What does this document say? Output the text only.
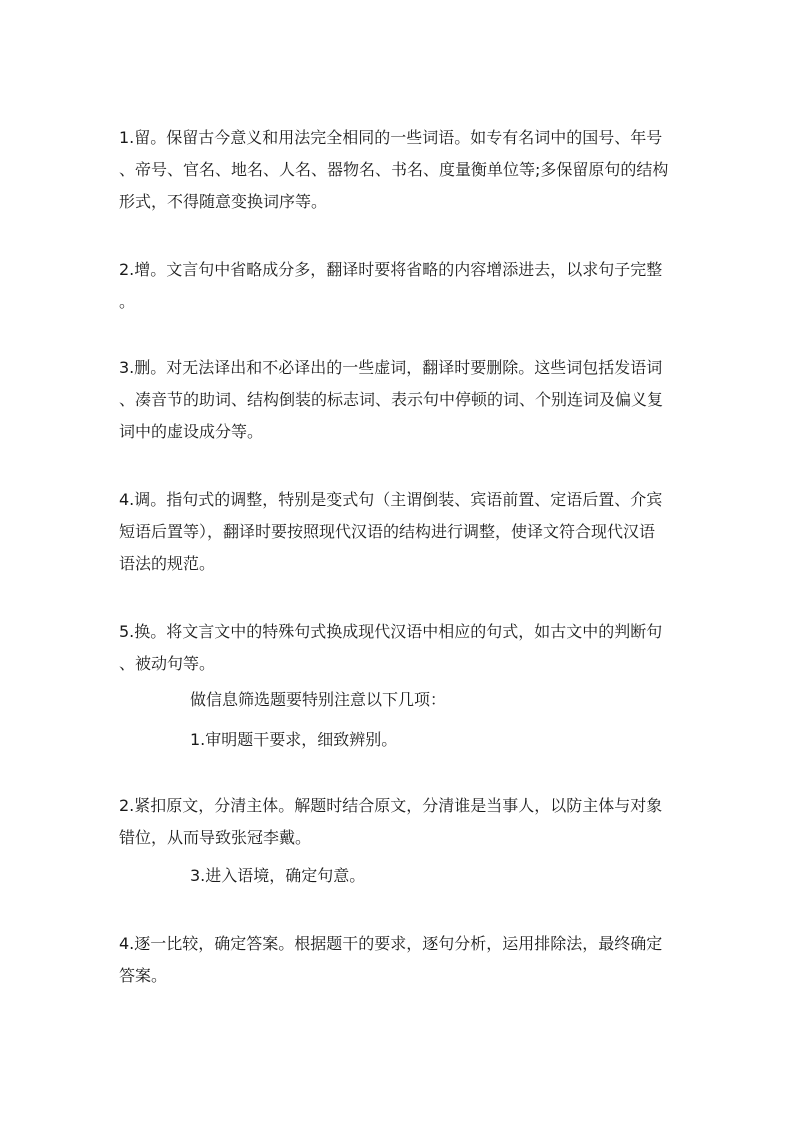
1.留。保留古今意义和用法完全相同的一些词语。如专有名词中的国号、年号
、帝号、官名、地名、人名、器物名、书名、度量衡单位等;多保留原句的结构
形式，不得随意变换词序等。

2.增。文言句中省略成分多，翻译时要将省略的内容增添进去，以求句子完整
。

3.删。对无法译出和不必译出的一些虚词，翻译时要删除。这些词包括发语词
、凑音节的助词、结构倒装的标志词、表示句中停顿的词、个别连词及偏义复
词中的虚设成分等。

4.调。指句式的调整，特别是变式句（主谓倒装、宾语前置、定语后置、介宾
短语后置等），翻译时要按照现代汉语的结构进行调整，使译文符合现代汉语
语法的规范。

5.换。将文言文中的特殊句式换成现代汉语中相应的句式，如古文中的判断句
、被动句等。

做信息筛选题要特别注意以下几项：

1.审明题干要求，细致辨别。

2.紧扣原文，分清主体。解题时结合原文，分清谁是当事人，以防主体与对象
错位，从而导致张冠李戴。

3.进入语境，确定句意。

4.逐一比较，确定答案。根据题干的要求，逐句分析，运用排除法，最终确定
答案。
